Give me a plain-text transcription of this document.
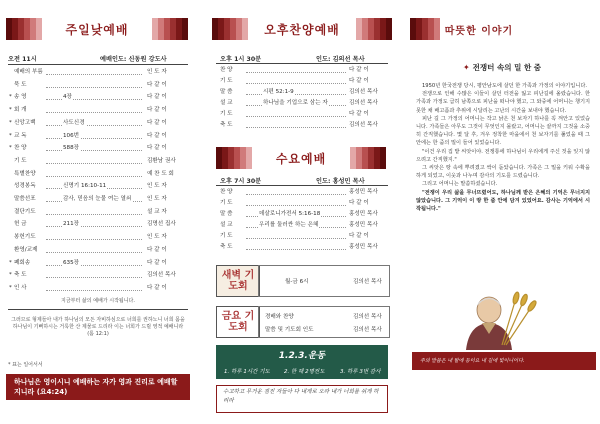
주일낮예배
오전 11시	예배인도: 신동원 강도사
예배의 부름	인 도 자
묵 도	다 같 이
* 송 영	4장	다 같 이
* 회 개	다 같 이
* 신앙고백	사도신경	다 같 이
* 교 독	106번	다 같 이
* 찬 양	588장	다 같 이
기 도	김환남 권사
특별찬양	예 찬 도 회
성경봉독	신명기 16:10-11	인 도 자
말씀선포	감사, 믿음의 눈물 여는 열쇠	인 도 자
결단기도	설 교 자
헌 금	211장	김명선 집사
봉헌기도	인 도 자
환영/교제	다 같 이
* 폐회송	635장	다 같 이
* 축 도	김의선 목사
* 인 사	다 같 이
지금부터 삶의 예배가 시작됩니다.
그러므로 형제들아 내가 하나님의 모든 자비하심으로 너희를 권하노니 너희 몸을 하나님이 기뻐하시는 거룩한 산 제물로 드리라 이는 너희가 드릴 영적 예배니라(롬 12:1)
* 표는 일어서서
하나님은 영이시니 예배하는 자가 영과 진리로 예배할지니라 (요4:24)
오후찬양예배
오후 1시 30분	인도: 김의선 목사
찬 양	다 같 이
기 도	다 같 이
말 씀	시편 52:1-9	김의선 목사
설 교	하나님을 기업으로 삼는 자	김의선 목사
기 도	다 같 이
축 도	김의선 목사
수요예배
오후 7시 30분	인도: 홍성민 목사
찬 양	홍성민 목사
기 도	다 같 이
말 씀	데살로니가전서 5:16-18	홍성민 목사
설 교	우리를 둘러싼 하는 은혜	홍성민 목사
기 도	다 같 이
축 도	홍성민 목사
새벽 기도회	월-금 6시	김의선 목사
금요 기도회
경배와 찬양	김의선 목사
말씀 및 기도회 인도	김의선 목사
1.2.3.운동
1. 하루 1시간 기도	2. 한 해 2명전도	3. 하루 3번 감사
수고하고 무거운 짐진 자들아 다 내게로 오라 내가 너희를 쉬게 하리라
따뜻한 이야기
✦ 전쟁터 속의 밀 한 줌

1950년 한국전쟁 당시, 평안남도에 살던 한 가족과 가정의 이야기입니다.

전쟁으로 인해 수많은 이들이 살던 터전을 잃고 피난길에 올랐습니다. 한 가족과 가정도 급히 남쪽으로 피난을 떠나야 했고, 그 와중에 어머니는 챙기지 못한 채 배고픔과 추위에 시달리는 고난의 시간을 보내야 했습니다.

피난 길 그 가정의 어머니는 작고 낡은 천 보자기 하나를 꼭 껴안고 있었습니다. 가족들은 아무도 그것이 무엇인지 몰랐고, 어머니는 끝까지 그것을 소중히 간직했습니다. 몇 달 후, 겨우 정착한 마을에서 천 보자기를 풀었을 때 그 안에는 한 줌의 밀이 들어 있었습니다.

"이건 우리 집 밭 씨앗이야. 전쟁통에 하나님이 우리에게 주신 것을 잊지 않으려고 간직했지."

그 씨앗은 땅 속에 뿌려졌고 싹이 돋았습니다. 가족은 그 밀을 키워 수확을 하게 되었고, 이웃과 나누며 감사의 기도를 드렸습니다.

그리고 어머니는 말씀하셨습니다.

"전쟁이 우리 삶을 무너뜨렸어도, 하나님께 받은 은혜의 기억은 무너지지 않았습니다. 그 기억이 이 땅 한 줌 안에 담겨 있었어요. 감사는 기억에서 시작됩니다."

주의 말씀은 내 발에 등이요 내 길에 빛이니이다.
